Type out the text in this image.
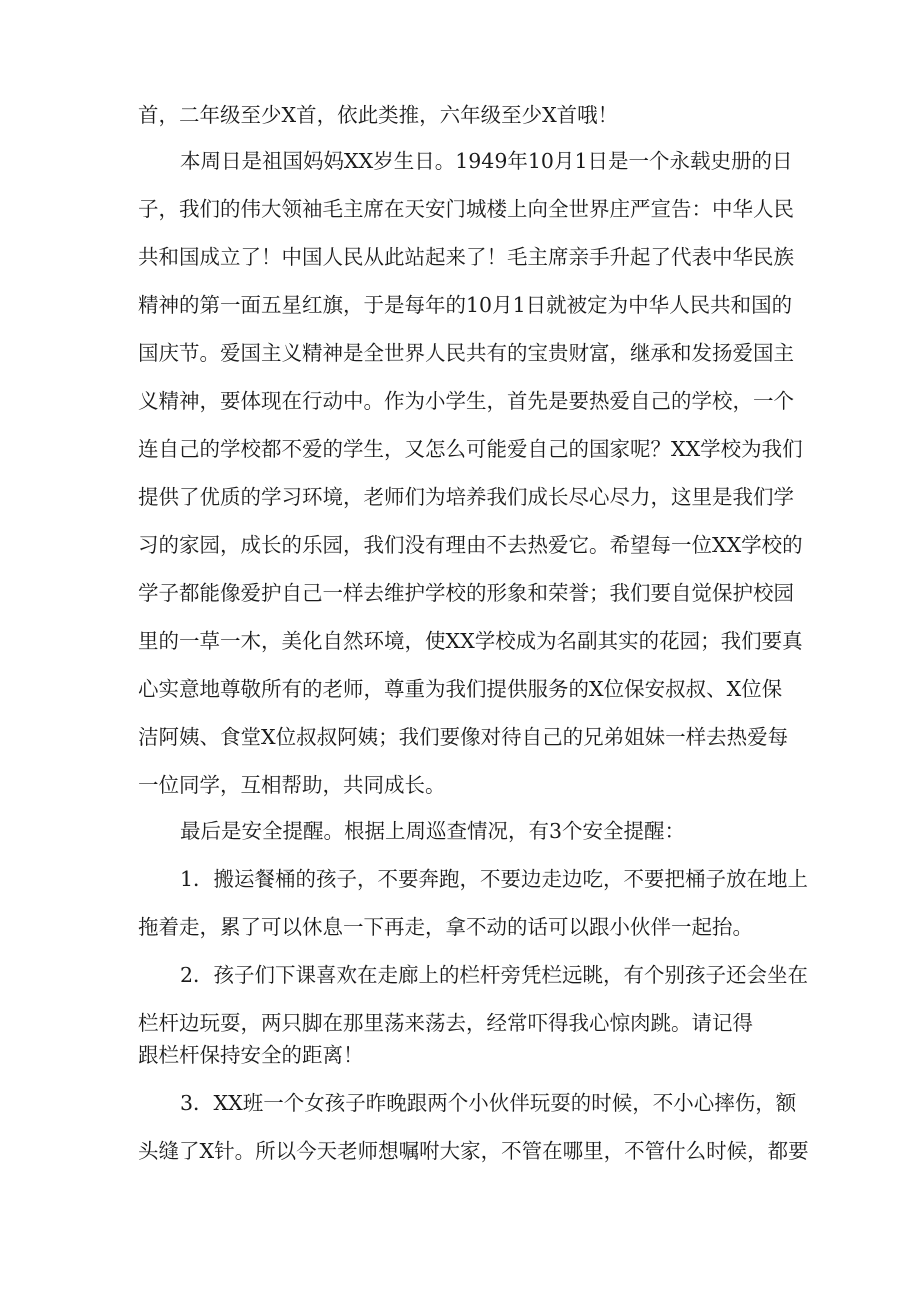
首，二年级至少X首，依此类推，六年级至少X首哦！

本周日是祖国妈妈XX岁生日。1949年10月1日是一个永载史册的日

子，我们的伟大领袖毛主席在天安门城楼上向全世界庄严宣告：中华人民

共和国成立了！中国人民从此站起来了！毛主席亲手升起了代表中华民族

精神的第一面五星红旗，于是每年的10月1日就被定为中华人民共和国的

国庆节。爱国主义精神是全世界人民共有的宝贵财富，继承和发扬爱国主

义精神，要体现在行动中。作为小学生，首先是要热爱自己的学校，一个

连自己的学校都不爱的学生，又怎么可能爱自己的国家呢？XX学校为我们

提供了优质的学习环境，老师们为培养我们成长尽心尽力，这里是我们学

习的家园，成长的乐园，我们没有理由不去热爱它。希望每一位XX学校的

学子都能像爱护自己一样去维护学校的形象和荣誉；我们要自觉保护校园

里的一草一木，美化自然环境，使XX学校成为名副其实的花园；我们要真

心实意地尊敬所有的老师，尊重为我们提供服务的X位保安叔叔、X位保

洁阿姨、食堂X位叔叔阿姨；我们要像对待自己的兄弟姐妹一样去热爱每

一位同学，互相帮助，共同成长。

最后是安全提醒。根据上周巡查情况，有3个安全提醒：

1．搬运餐桶的孩子，不要奔跑，不要边走边吃，不要把桶子放在地上

拖着走，累了可以休息一下再走，拿不动的话可以跟小伙伴一起抬。

2．孩子们下课喜欢在走廊上的栏杆旁凭栏远眺，有个别孩子还会坐在

栏杆边玩耍，两只脚在那里荡来荡去，经常吓得我心惊肉跳。请记得

跟栏杆保持安全的距离！

3．XX班一个女孩子昨晚跟两个小伙伴玩耍的时候，不小心摔伤，额

头缝了X针。所以今天老师想嘱咐大家，不管在哪里，不管什么时候，都要
